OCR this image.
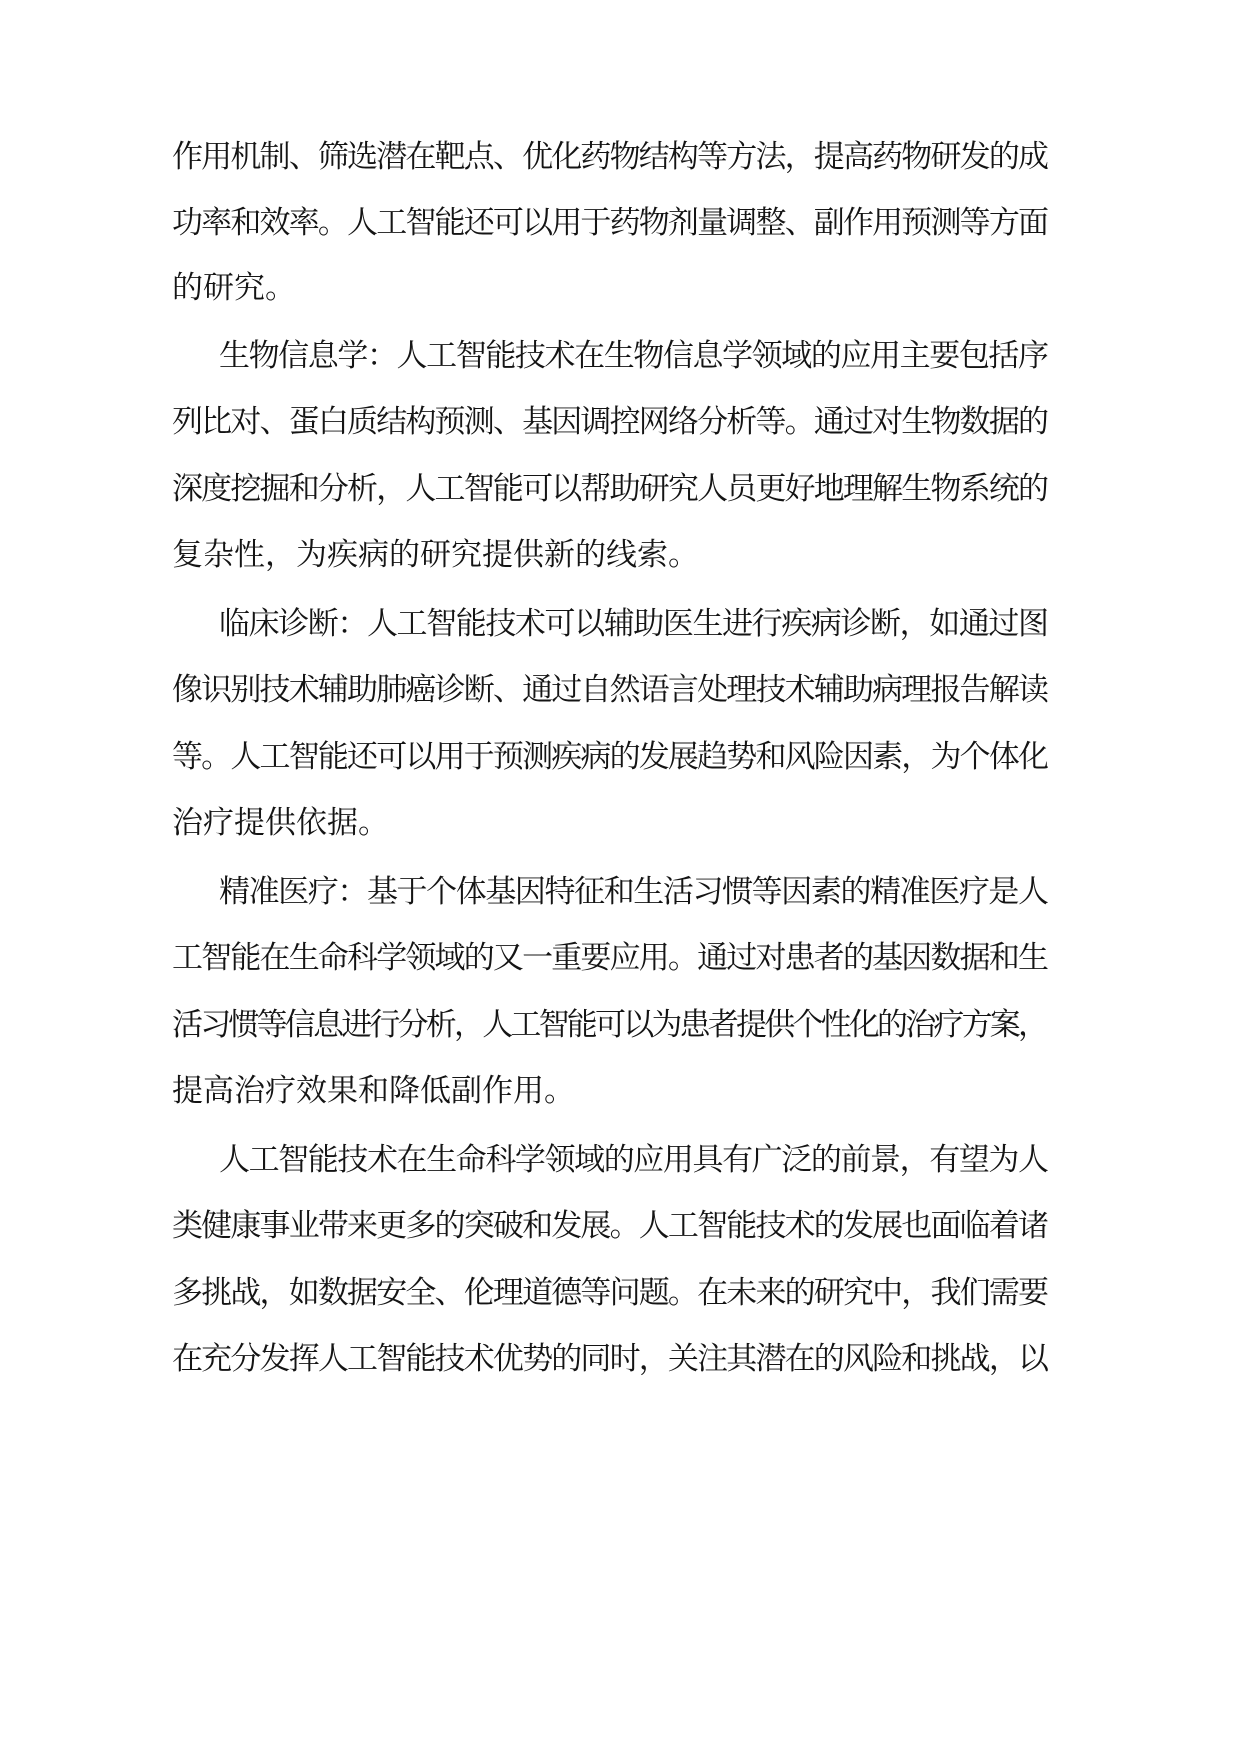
作用机制、筛选潜在靶点、优化药物结构等方法，提高药物研发的成

功率和效率。人工智能还可以用于药物剂量调整、副作用预测等方面

的研究。

生物信息学：人工智能技术在生物信息学领域的应用主要包括序

列比对、蛋白质结构预测、基因调控网络分析等。通过对生物数据的

深度挖掘和分析，人工智能可以帮助研究人员更好地理解生物系统的

复杂性，为疾病的研究提供新的线索。

临床诊断：人工智能技术可以辅助医生进行疾病诊断，如通过图

像识别技术辅助肺癌诊断、通过自然语言处理技术辅助病理报告解读

等。人工智能还可以用于预测疾病的发展趋势和风险因素，为个体化

治疗提供依据。

精准医疗：基于个体基因特征和生活习惯等因素的精准医疗是人

工智能在生命科学领域的又一重要应用。通过对患者的基因数据和生

活习惯等信息进行分析，人工智能可以为患者提供个性化的治疗方案，

提高治疗效果和降低副作用。

人工智能技术在生命科学领域的应用具有广泛的前景，有望为人

类健康事业带来更多的突破和发展。人工智能技术的发展也面临着诸

多挑战，如数据安全、伦理道德等问题。在未来的研究中，我们需要

在充分发挥人工智能技术优势的同时，关注其潜在的风险和挑战，以
